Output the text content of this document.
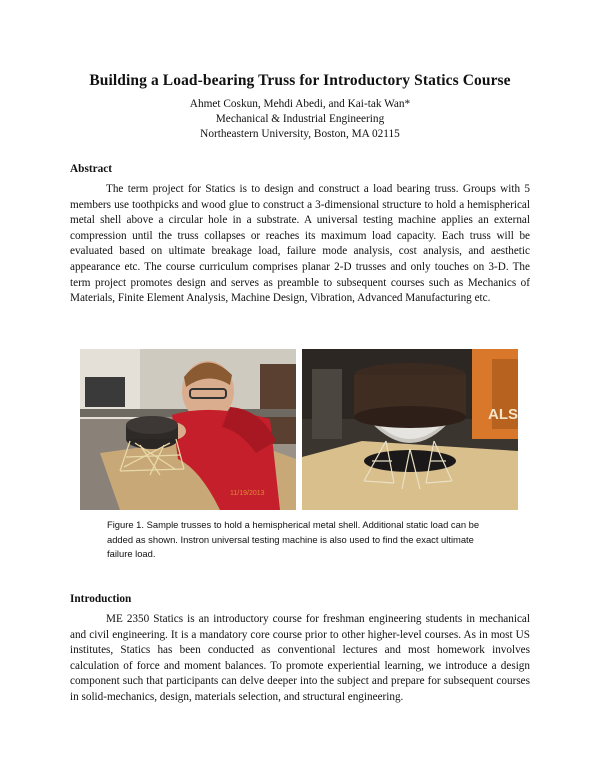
Building a Load-bearing Truss for Introductory Statics Course
Ahmet Coskun, Mehdi Abedi, and Kai-tak Wan*
Mechanical & Industrial Engineering
Northeastern University, Boston, MA 02115
Abstract
The term project for Statics is to design and construct a load bearing truss. Groups with 5 members use toothpicks and wood glue to construct a 3-dimensional structure to hold a hemispherical metal shell above a circular hole in a substrate. A universal testing machine applies an external compression until the truss collapses or reaches its maximum load capacity. Each truss will be evaluated based on ultimate breakage load, failure mode analysis, cost analysis, and aesthetic appearance etc. The course curriculum comprises planar 2-D trusses and only touches on 3-D. The term project promotes design and serves as preamble to subsequent courses such as Mechanics of Materials, Finite Element Analysis, Machine Design, Vibration, Advanced Manufacturing etc.
11/19/2013
ALS
Figure 1. Sample trusses to hold a hemispherical metal shell. Additional static load can be added as shown. Instron universal testing machine is also used to find the exact ultimate failure load.
Introduction
ME 2350 Statics is an introductory course for freshman engineering students in mechanical and civil engineering. It is a mandatory core course prior to other higher-level courses. As in most US institutes, Statics has been conducted as conventional lectures and most homework involves calculation of force and moment balances. To promote experiential learning, we introduce a design component such that participants can delve deeper into the subject and prepare for subsequent courses in solid-mechanics, design, materials selection, and structural engineering.
